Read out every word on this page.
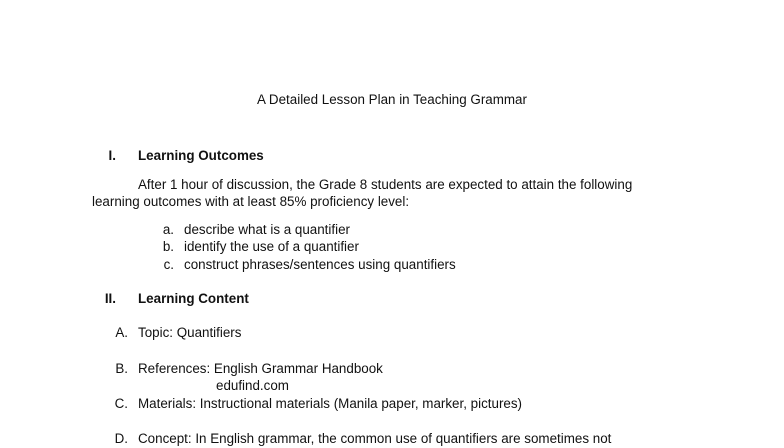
A Detailed Lesson Plan in Teaching Grammar
I. Learning Outcomes
After 1 hour of discussion, the Grade 8 students are expected to attain the following
learning outcomes with at least 85% proficiency level:
a. describe what is a quantifier
b. identify the use of a quantifier
c. construct phrases/sentences using quantifiers
II. Learning Content
A. Topic: Quantifiers
B. References: English Grammar Handbook
edufind.com
C. Materials: Instructional materials (Manila paper, marker, pictures)
D. Concept: In English grammar, the common use of quantifiers are sometimes not
